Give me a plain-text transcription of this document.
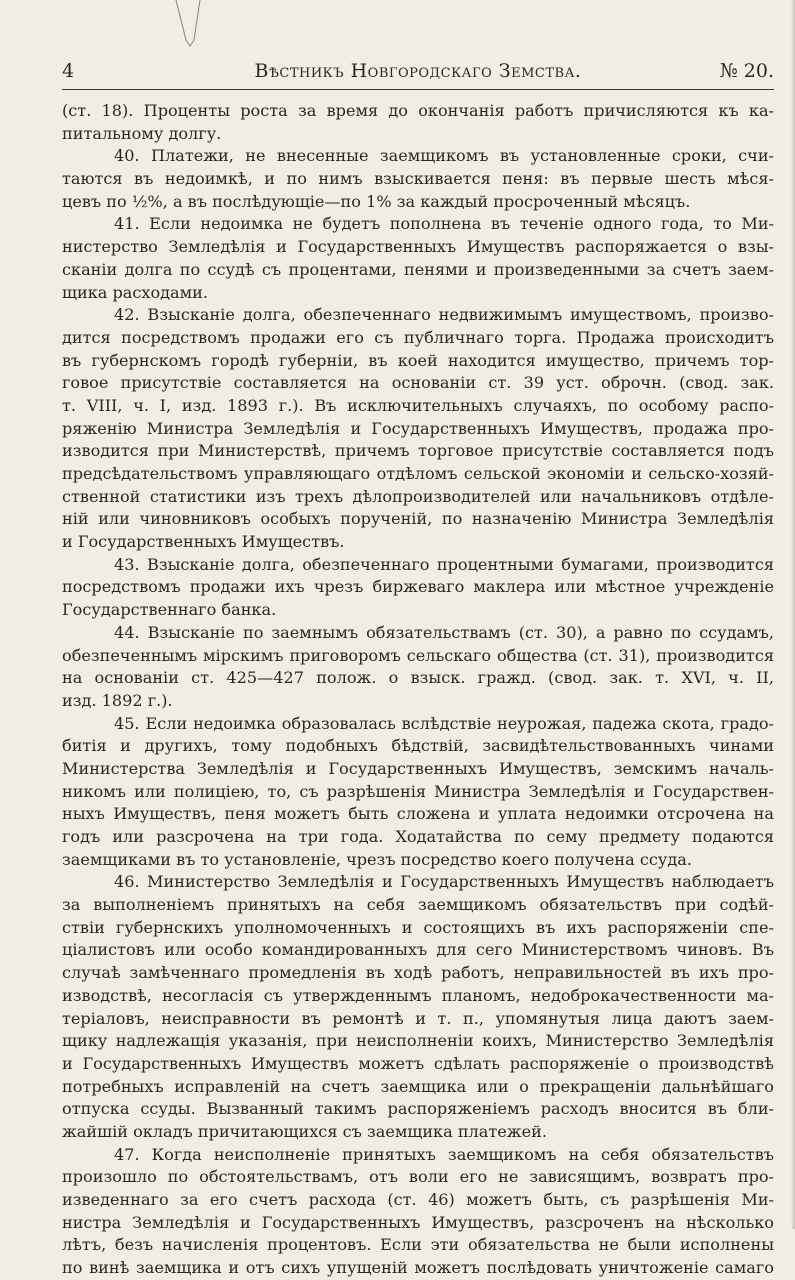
4	Вѣстникъ Новгородскаго Земства.	№ 20.
(ст. 18). Проценты роста за время до окончанія работъ причисляются къ ка-
питальному долгу.
40. Платежи, не внесенные заемщикомъ въ установленные сроки, счи-
таются въ недоимкѣ, и по нимъ взыскивается пеня: въ первые шесть мѣся-
цевъ по ½%, а въ послѣдующіе—по 1% за каждый просроченный мѣсяцъ.
41. Если недоимка не будетъ пополнена въ теченіе одного года, то Ми-
нистерство Земледѣлія и Государственныхъ Имуществъ распоряжается о взы-
сканіи долга по ссудѣ съ процентами, пенями и произведенными за счетъ заем-
щика расходами.
42. Взысканіе долга, обезпеченнаго недвижимымъ имуществомъ, произво-
дится посредствомъ продажи его съ публичнаго торга. Продажа происходитъ
въ губернскомъ городѣ губерніи, въ коей находится имущество, причемъ тор-
говое присутствіе составляется на основаніи ст. 39 уст. оброчн. (свод. зак.
т. VIII, ч. I, изд. 1893 г.). Въ исключительныхъ случаяхъ, по особому распо-
ряженію Министра Земледѣлія и Государственныхъ Имуществъ, продажа про-
изводится при Министерствѣ, причемъ торговое присутствіе составляется подъ
предсѣдательствомъ управляющаго отдѣломъ сельской экономіи и сельско-хозяй-
ственной статистики изъ трехъ дѣлопроизводителей или начальниковъ отдѣле-
ній или чиновниковъ особыхъ порученій, по назначенію Министра Земледѣлія
и Государственныхъ Имуществъ.
43. Взысканіе долга, обезпеченнаго процентными бумагами, производится
посредствомъ продажи ихъ чрезъ биржеваго маклера или мѣстное учрежденіе
Государственнаго банка.
44. Взысканіе по заемнымъ обязательствамъ (ст. 30), а равно по ссудамъ,
обезпеченнымъ мірскимъ приговоромъ сельскаго общества (ст. 31), производится
на основаніи ст. 425—427 полож. о взыск. гражд. (свод. зак. т. XVI, ч. II,
изд. 1892 г.).
45. Если недоимка образовалась вслѣдствіе неурожая, падежа скота, градо-
битія и другихъ, тому подобныхъ бѣдствій, засвидѣтельствованныхъ чинами
Министерства Земледѣлія и Государственныхъ Имуществъ, земскимъ началь-
никомъ или полиціею, то, съ разрѣшенія Министра Земледѣлія и Государствен-
ныхъ Имуществъ, пеня можетъ быть сложена и уплата недоимки отсрочена на
годъ или разсрочена на три года. Ходатайства по сему предмету подаются
заемщиками въ то установленіе, чрезъ посредство коего получена ссуда.
46. Министерство Земледѣлія и Государственныхъ Имуществъ наблюдаетъ
за выполненіемъ принятыхъ на себя заемщикомъ обязательствъ при содѣй-
ствіи губернскихъ уполномоченныхъ и состоящихъ въ ихъ распоряженіи спе-
ціалистовъ или особо командированныхъ для сего Министерствомъ чиновъ. Въ
случаѣ замѣченнаго промедленія въ ходѣ работъ, неправильностей въ ихъ про-
изводствѣ, несогласія съ утвержденнымъ планомъ, недоброкачественности ма-
теріаловъ, неисправности въ ремонтѣ и т. п., упомянутыя лица даютъ заем-
щику надлежащія указанія, при неисполненіи коихъ, Министерство Земледѣлія
и Государственныхъ Имуществъ можетъ сдѣлать распоряженіе о производствѣ
потребныхъ исправленій на счетъ заемщика или о прекращеніи дальнѣйшаго
отпуска ссуды. Вызванный такимъ распоряженіемъ расходъ вносится въ бли-
жайшій окладъ причитающихся съ заемщика платежей.
47. Когда неисполненіе принятыхъ заемщикомъ на себя обязательствъ
произошло по обстоятельствамъ, отъ воли его не зависящимъ, возвратъ про-
изведеннаго за его счетъ расхода (ст. 46) можетъ быть, съ разрѣшенія Ми-
нистра Земледѣлія и Государственныхъ Имуществъ, разсроченъ на нѣсколько
лѣтъ, безъ начисленія процентовъ. Если эти обязательства не были исполнены
по винѣ заемщика и отъ сихъ упущеній можетъ послѣдовать уничтоженіе самаго
